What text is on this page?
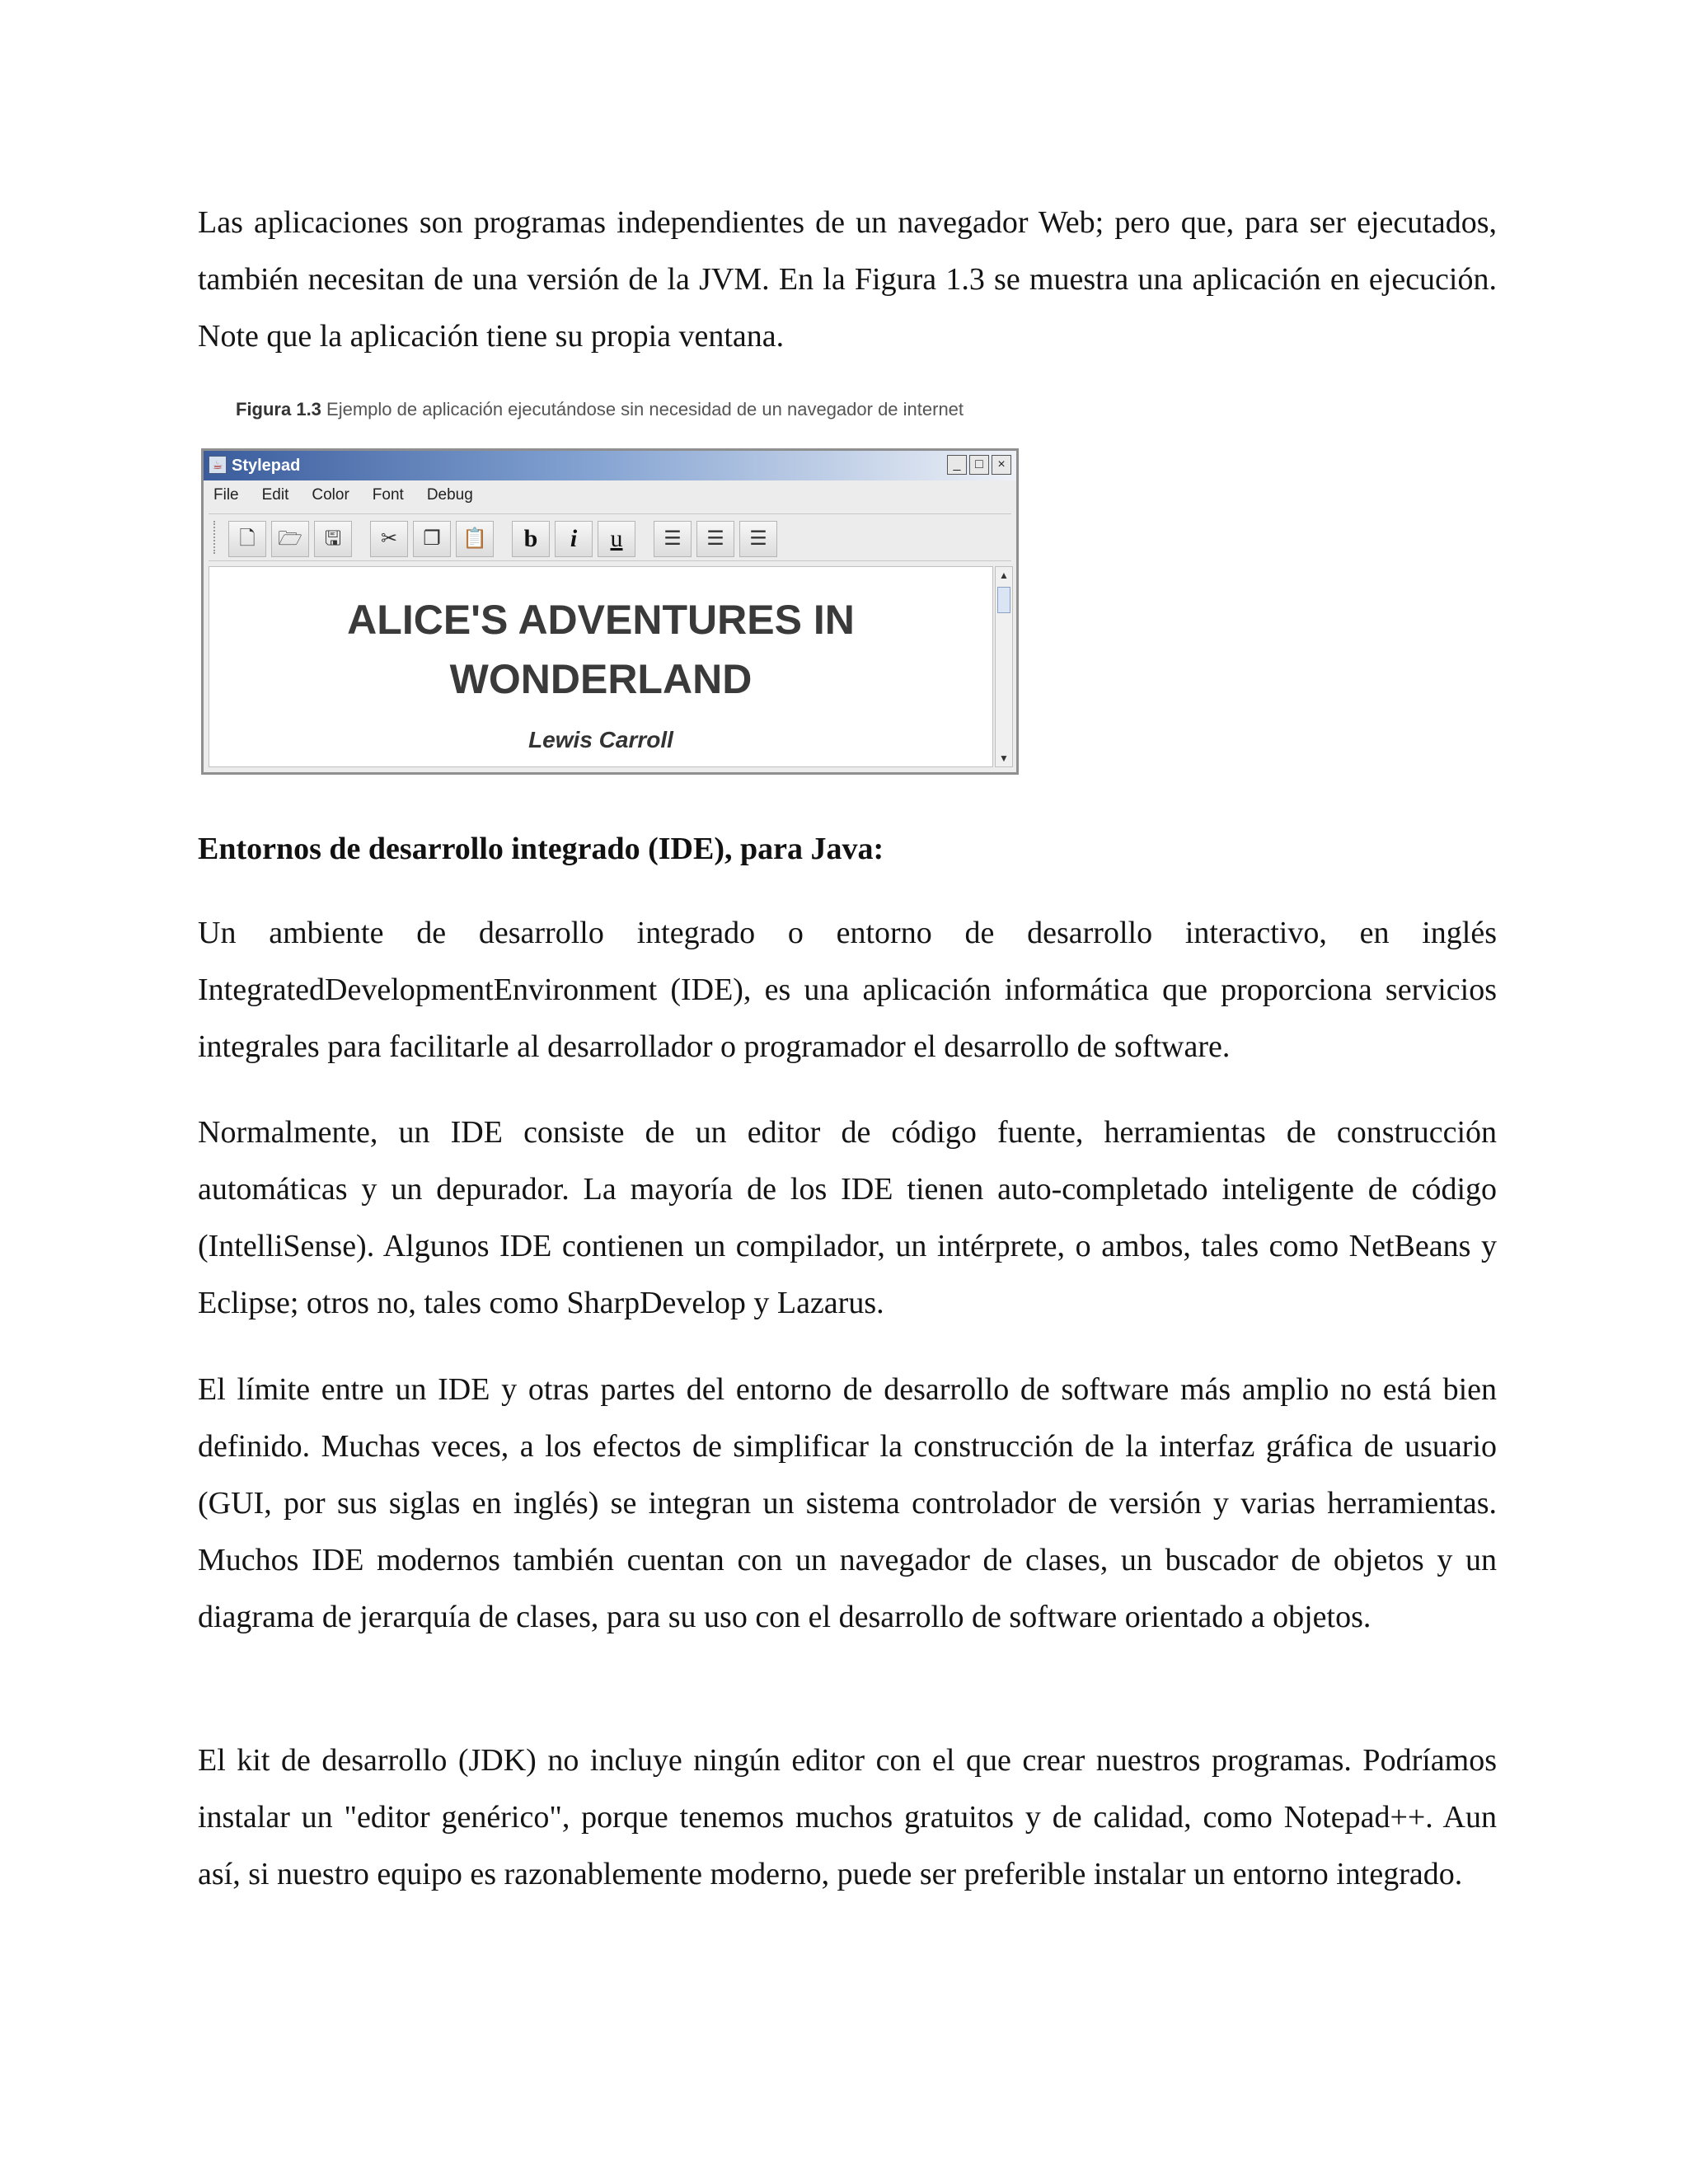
Las aplicaciones son programas independientes de un navegador Web; pero que, para ser ejecutados, también necesitan de una versión de la JVM. En la Figura 1.3 se muestra una aplicación en ejecución. Note que la aplicación tiene su propia ventana.

Figura 1.3 Ejemplo de aplicación ejecutándose sin necesidad de un navegador de internet
☕ Stylepad	_	□	×
File Edit Color Font Debug
🗋	🗁	🖫	✂	❐	📋	b	i	u	☰	☰	☰
ALICE'S ADVENTURES IN
WONDERLAND
Lewis Carroll
▲
▼

Entornos de desarrollo integrado (IDE), para Java:

Un ambiente de desarrollo integrado o entorno de desarrollo interactivo, en inglés IntegratedDevelopmentEnvironment (IDE), es una aplicación informática que proporciona servicios integrales para facilitarle al desarrollador o programador el desarrollo de software.

Normalmente, un IDE consiste de un editor de código fuente, herramientas de construcción automáticas y un depurador. La mayoría de los IDE tienen auto-completado inteligente de código (IntelliSense). Algunos IDE contienen un compilador, un intérprete, o ambos, tales como NetBeans y Eclipse; otros no, tales como SharpDevelop y Lazarus.

El límite entre un IDE y otras partes del entorno de desarrollo de software más amplio no está bien definido. Muchas veces, a los efectos de simplificar la construcción de la interfaz gráfica de usuario (GUI, por sus siglas en inglés) se integran un sistema controlador de versión y varias herramientas. Muchos IDE modernos también cuentan con un navegador de clases, un buscador de objetos y un diagrama de jerarquía de clases, para su uso con el desarrollo de software orientado a objetos.

El kit de desarrollo (JDK) no incluye ningún editor con el que crear nuestros programas. Podríamos instalar un "editor genérico", porque tenemos muchos gratuitos y de calidad, como Notepad++. Aun así, si nuestro equipo es razonablemente moderno, puede ser preferible instalar un entorno integrado.
